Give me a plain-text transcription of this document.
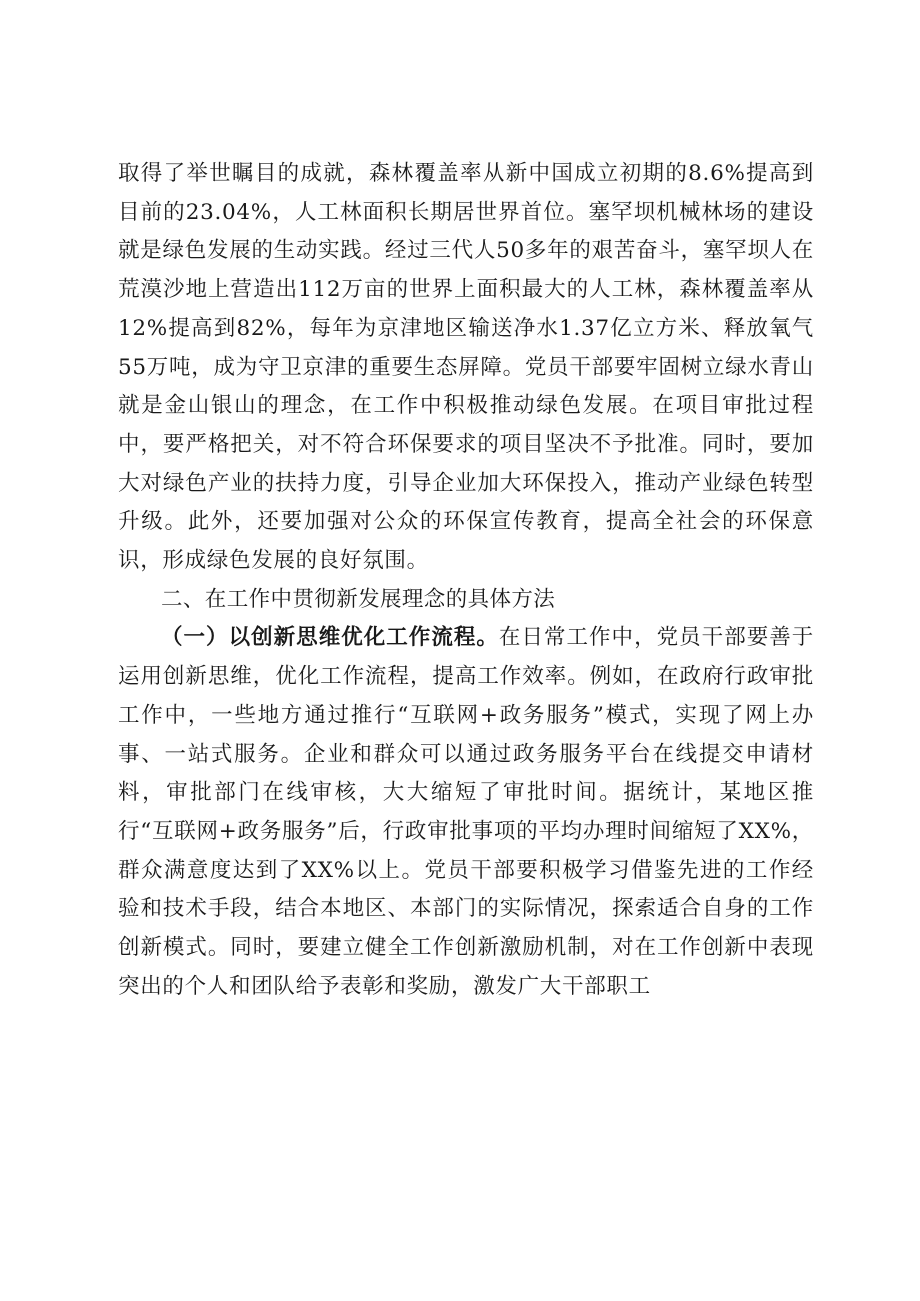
取得了举世瞩目的成就，森林覆盖率从新中国成立初期的8.6%提高到目前的23.04%，人工林面积长期居世界首位。塞罕坝机械林场的建设就是绿色发展的生动实践。经过三代人50多年的艰苦奋斗，塞罕坝人在荒漠沙地上营造出112万亩的世界上面积最大的人工林，森林覆盖率从12%提高到82%，每年为京津地区输送净水1.37亿立方米、释放氧气55万吨，成为守卫京津的重要生态屏障。党员干部要牢固树立绿水青山就是金山银山的理念，在工作中积极推动绿色发展。在项目审批过程中，要严格把关，对不符合环保要求的项目坚决不予批准。同时，要加大对绿色产业的扶持力度，引导企业加大环保投入，推动产业绿色转型升级。此外，还要加强对公众的环保宣传教育，提高全社会的环保意识，形成绿色发展的良好氛围。

二、在工作中贯彻新发展理念的具体方法

（一）以创新思维优化工作流程。在日常工作中，党员干部要善于运用创新思维，优化工作流程，提高工作效率。例如，在政府行政审批工作中，一些地方通过推行“互联网+政务服务”模式，实现了网上办事、一站式服务。企业和群众可以通过政务服务平台在线提交申请材料，审批部门在线审核，大大缩短了审批时间。据统计，某地区推行“互联网+政务服务”后，行政审批事项的平均办理时间缩短了XX%，群众满意度达到了XX%以上。党员干部要积极学习借鉴先进的工作经验和技术手段，结合本地区、本部门的实际情况，探索适合自身的工作创新模式。同时，要建立健全工作创新激励机制，对在工作创新中表现突出的个人和团队给予表彰和奖励，激发广大干部职工
